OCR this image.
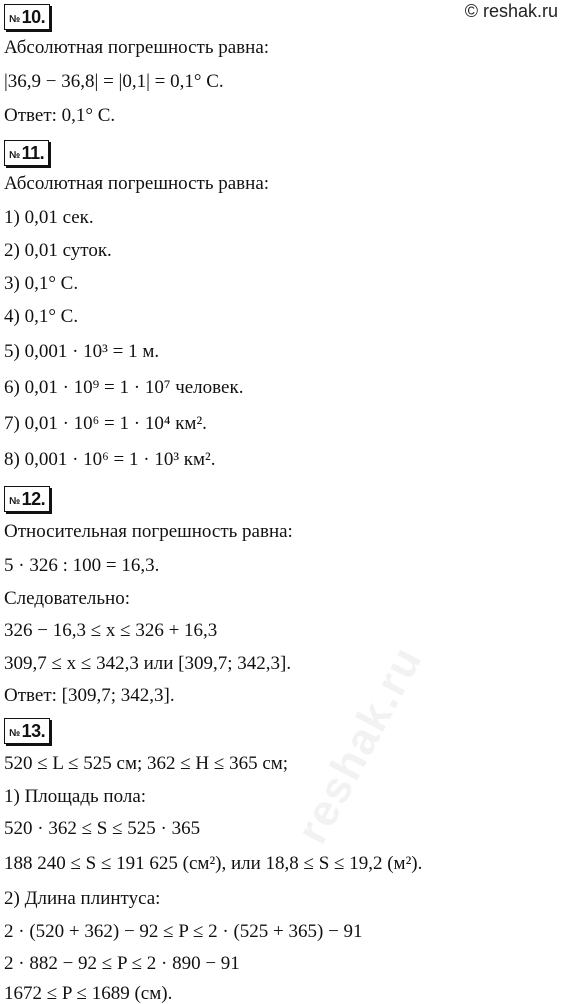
© reshak.ru
reshak.ru
№ 10.
Абсолютная погрешность равна:
|36,9 − 36,8| = |0,1| = 0,1° C.
Ответ: 0,1° C.
№ 11.
Абсолютная погрешность равна:
1) 0,01 сек.
2) 0,01 суток.
3) 0,1° C.
4) 0,1° C.
5) 0,001 · 10³ = 1 м.
6) 0,01 · 10⁹ = 1 · 10⁷ человек.
7) 0,01 · 10⁶ = 1 · 10⁴ км².
8) 0,001 · 10⁶ = 1 · 10³ км².
№ 12.
Относительная погрешность равна:
5 · 326 : 100 = 16,3.
Следовательно:
326 − 16,3 ≤ x ≤ 326 + 16,3
309,7 ≤ x ≤ 342,3 или [309,7; 342,3].
Ответ: [309,7; 342,3].
№ 13.
520 ≤ L ≤ 525 см; 362 ≤ H ≤ 365 см;
1) Площадь пола:
520 · 362 ≤ S ≤ 525 · 365
188 240 ≤ S ≤ 191 625 (см²), или 18,8 ≤ S ≤ 19,2 (м²).
2) Длина плинтуса:
2 · (520 + 362) − 92 ≤ P ≤ 2 · (525 + 365) − 91
2 · 882 − 92 ≤ P ≤ 2 · 890 − 91
1672 ≤ P ≤ 1689 (см).
